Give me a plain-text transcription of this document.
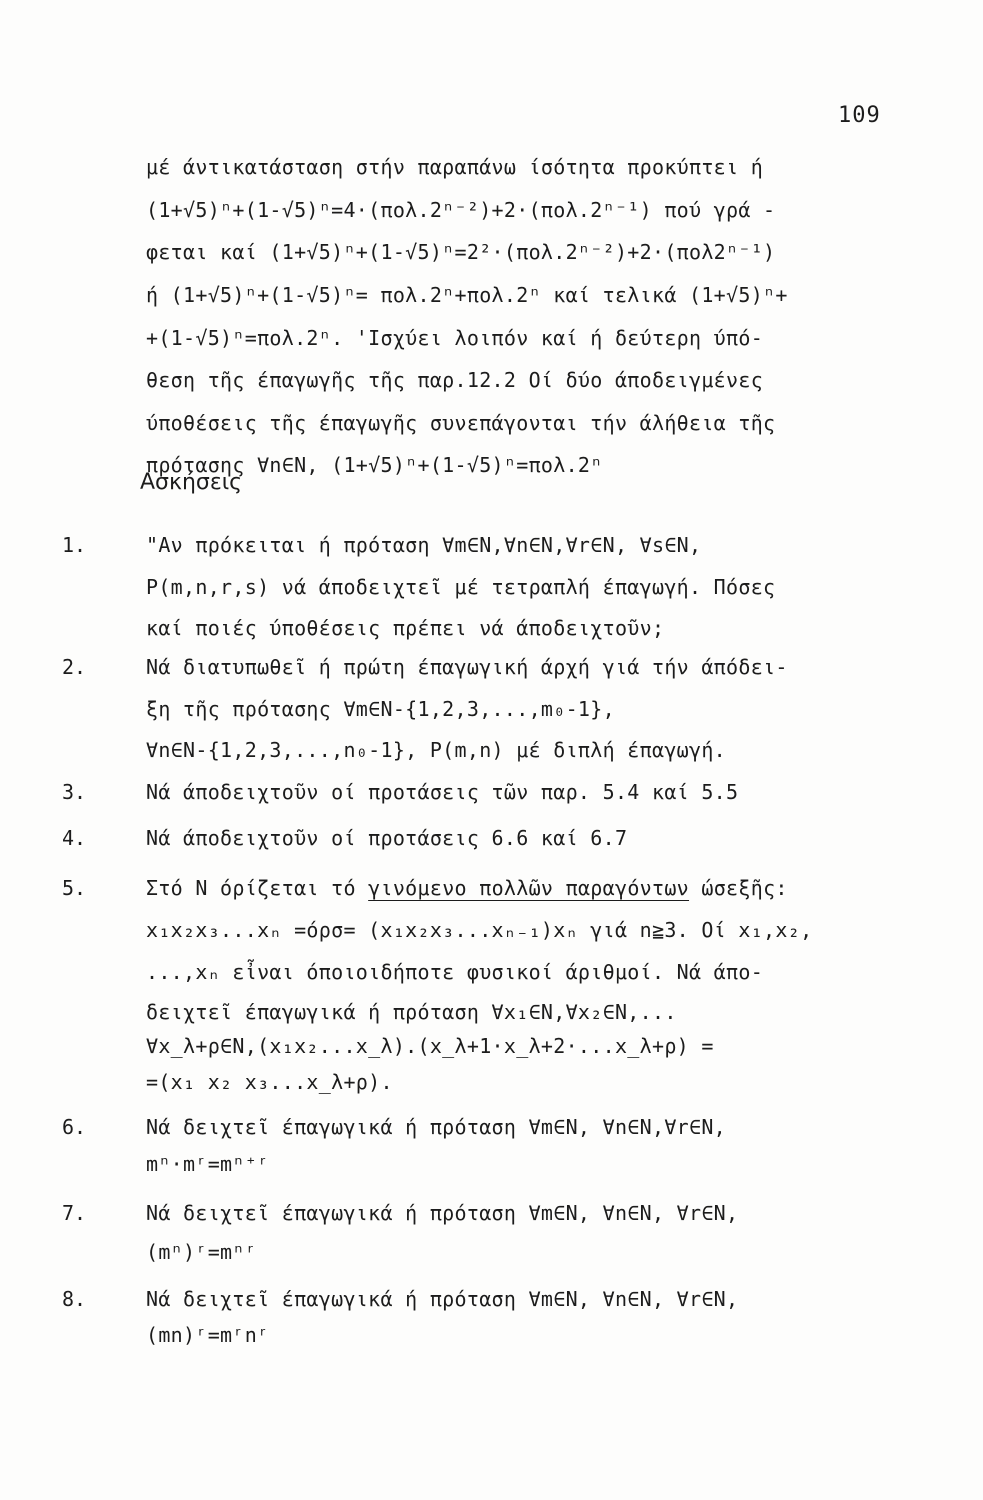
109
μέ άντικατάσταση στήν παραπάνω ίσότητα προκύπτει ή
(1+√5)ⁿ+(1-√5)ⁿ=4·(πολ.2ⁿ⁻²)+2·(πολ.2ⁿ⁻¹) πού γρά -
φεται καί (1+√5)ⁿ+(1-√5)ⁿ=2²·(πολ.2ⁿ⁻²)+2·(πολ2ⁿ⁻¹)
ή (1+√5)ⁿ+(1-√5)ⁿ= πολ.2ⁿ+πολ.2ⁿ καί τελικά (1+√5)ⁿ+
+(1-√5)ⁿ=πολ.2ⁿ. 'Ισχύει λοιπόν καί ή δεύτερη ύπό-
θεση τῆς έπαγωγῆς τῆς παρ.12.2 Οί δύο άποδειγμένες
ύποθέσεις τῆς έπαγωγῆς συνεπάγονται τήν άλήθεια τῆς
πρότασης ∀n∈N, (1+√5)ⁿ+(1-√5)ⁿ=πολ.2ⁿ
Ασκήσεις
1.	"Αν πρόκειται ή πρόταση ∀m∈N,∀n∈N,∀r∈N, ∀s∈N,
P(m,n,r,s) νά άποδειχτεῖ μέ τετραπλή έπαγωγή. Πόσες
καί ποιές ύποθέσεις πρέπει νά άποδειχτοῦν;
2.	Νά διατυπωθεῖ ή πρώτη έπαγωγική άρχή γιά τήν άπόδει-
ξη τῆς πρότασης ∀m∈N-{1,2,3,...,m₀-1},
∀n∈N-{1,2,3,...,n₀-1}, P(m,n) μέ διπλή έπαγωγή.
3.	Νά άποδειχτοῦν οί προτάσεις τῶν παρ. 5.4 καί 5.5
4.	Νά άποδειχτοῦν οί προτάσεις 6.6 καί 6.7
5.	Στό N όρίζεται τό γινόμενο πολλῶν παραγόντων ώσεξῆς:
x₁x₂x₃...xₙ =όρσ= (x₁x₂x₃...xₙ₋₁)xₙ γιά n≧3. Οί x₁,x₂,
...,xₙ εἶναι όποιοιδήποτε φυσικοί άριθμοί. Νά άπο-
δειχτεῖ έπαγωγικά ή πρόταση ∀x₁∈N,∀x₂∈N,...
∀x_λ+ρ∈N,(x₁x₂...x_λ).(x_λ+1·x_λ+2·...x_λ+ρ) =
=(x₁ x₂ x₃...x_λ+ρ).
6.	Νά δειχτεῖ έπαγωγικά ή πρόταση ∀m∈N, ∀n∈N,∀r∈N,
mⁿ·mʳ=mⁿ⁺ʳ
7.	Νά δειχτεῖ έπαγωγικά ή πρόταση ∀m∈N, ∀n∈N, ∀r∈N,
(mⁿ)ʳ=mⁿʳ
8.	Νά δειχτεῖ έπαγωγικά ή πρόταση ∀m∈N, ∀n∈N, ∀r∈N,
(mn)ʳ=mʳnʳ
